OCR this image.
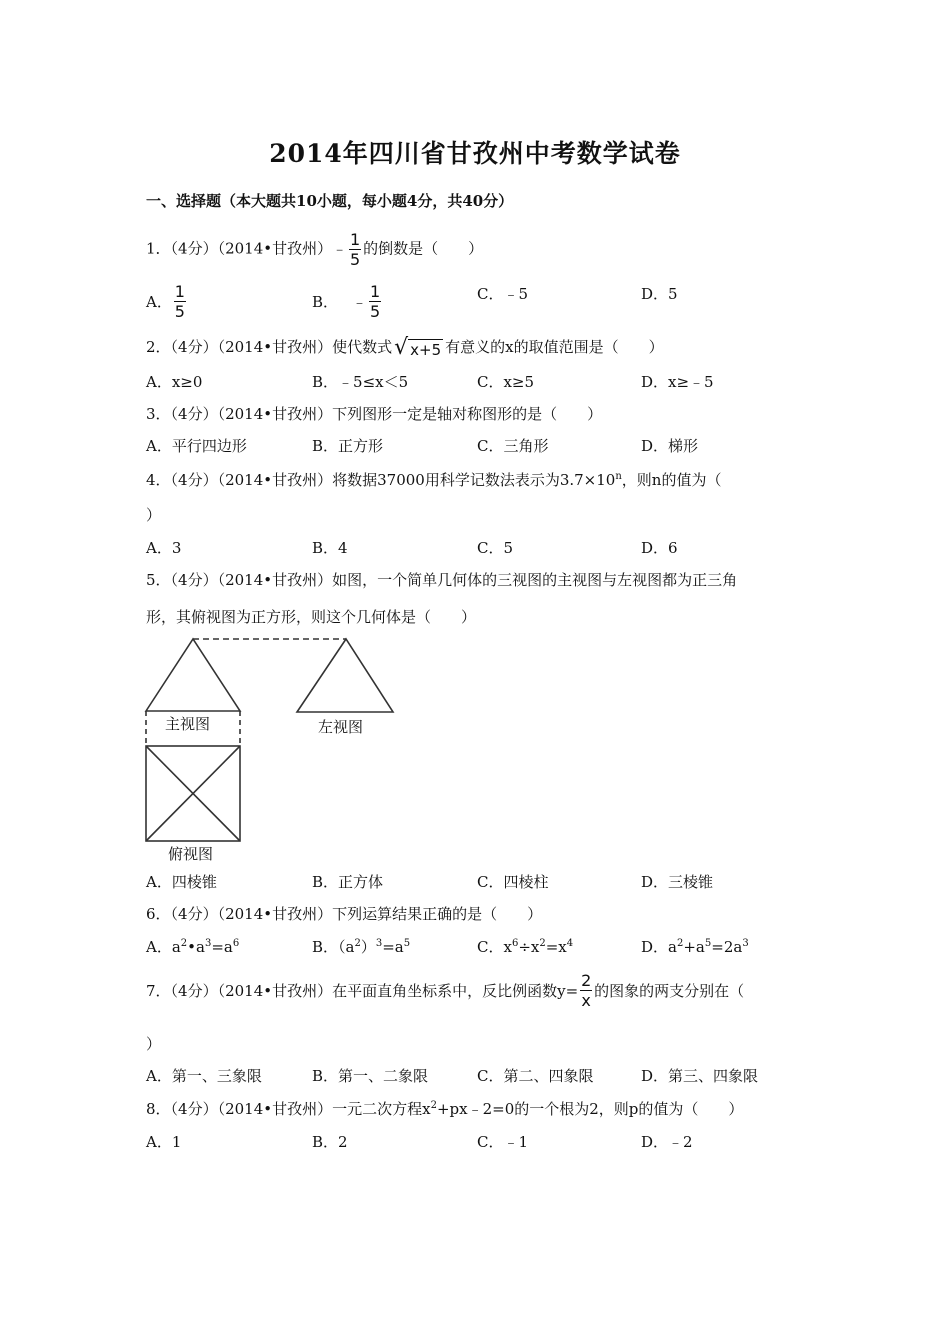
2014年四川省甘孜州中考数学试卷
一、选择题（本大题共10小题，每小题4分，共40分）
1．（4分）（2014•甘孜州）﹣ $\frac{1}{5}$ 的倒数是（　　）
A． $\frac{1}{5}$	B． ﹣ $\frac{1}{5}$	C．﹣5	D．5
2．（4分）（2014•甘孜州）使代数式 √ x+5 有意义的x的取值范围是（　　）
A．x≥0	B．﹣5≤x＜5	C．x≥5	D．x≥﹣5
3．（4分）（2014•甘孜州）下列图形一定是轴对称图形的是（　　）
A．平行四边形	B．正方形	C．三角形	D．梯形
4．（4分）（2014•甘孜州）将数据37000用科学记数法表示为$3.7\times 10^n$，则n的值为（
）
A．3	B．4	C．5	D．6
5．（4分）（2014•甘孜州）如图，一个简单几何体的三视图的主视图与左视图都为正三角
形，其俯视图为正方形，则这个几何体是（　　）
主视图	左视图
俯视图
A．四棱锥	B．正方体	C．四棱柱	D．三棱锥
6．（4分）（2014•甘孜州）下列运算结果正确的是（　　）
A．$a^2•a^3=a^6$	B．$(a^2)^3=a^5$	C．$x^6\div x^2=x^4$	D．$a^2+a^5=2a^3$
7．（4分）（2014•甘孜州）在平面直角坐标系中，反比例函数$y= \frac{2}{x}$ 的图象的两支分别在（
）
A．第一、三象限	B．第一、二象限	C．第二、四象限	D．第三、四象限
8．（4分）（2014•甘孜州）一元二次方程$x^2+px﹣2=0$的一个根为2，则p的值为（　　）
A．1	B．2	C．﹣1	D．﹣2
